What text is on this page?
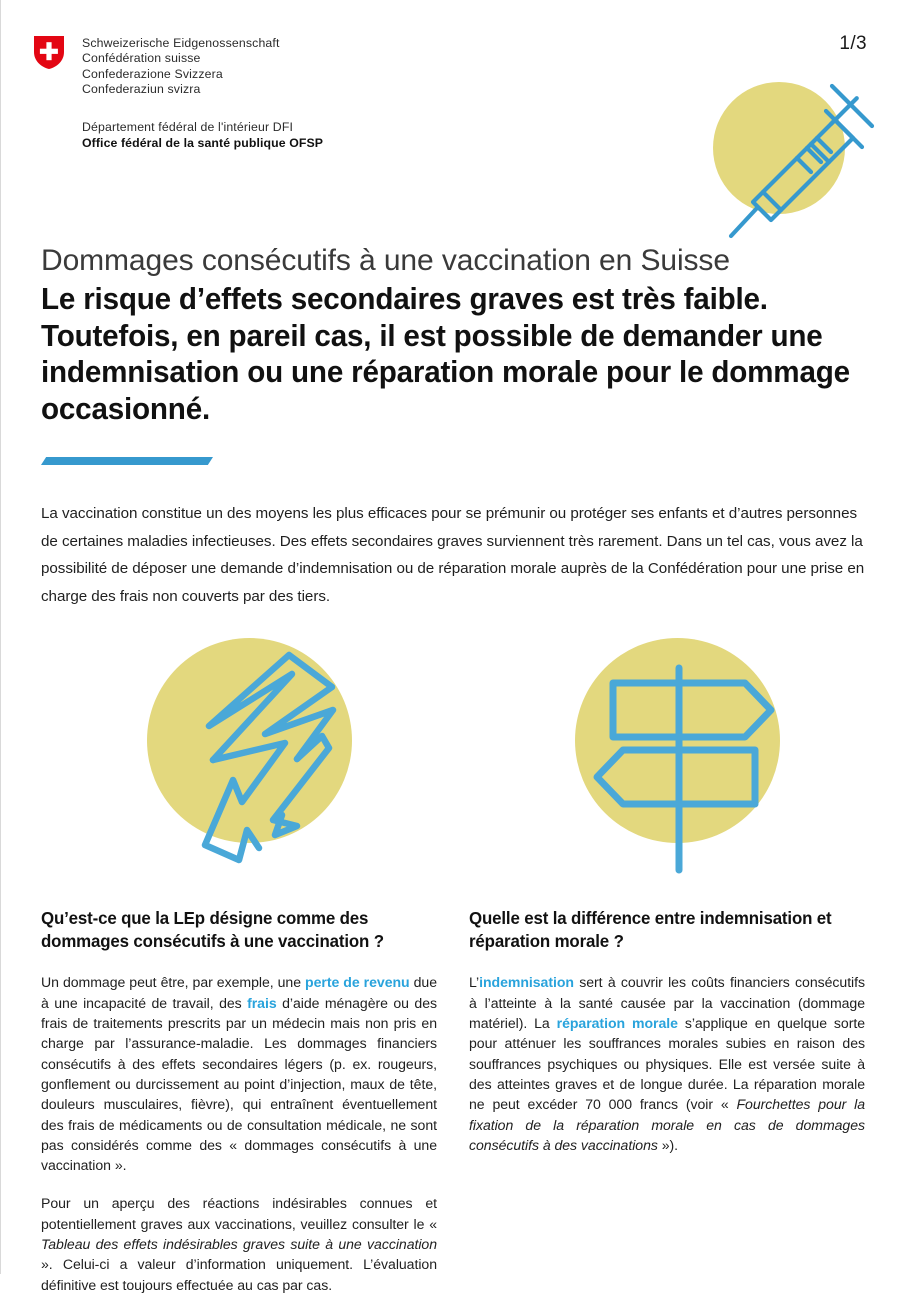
Schweizerische Eidgenossenschaft
Confédération suisse
Confederazione Svizzera
Confederaziun svizra
Département fédéral de l'intérieur DFI
Office fédéral de la santé publique OFSP
1/3
Dommages consécutifs à une vaccination en Suisse
Le risque d’effets secondaires graves est très faible. Toutefois, en pareil cas, il est possible de demander une indemnisation ou une réparation morale pour le dommage occasionné.

La vaccination constitue un des moyens les plus efficaces pour se prémunir ou protéger ses enfants et d’autres personnes de certaines maladies infectieuses. Des effets secondaires graves surviennent très rarement. Dans un tel cas, vous avez la possibilité de déposer une demande d’indemnisation ou de réparation morale auprès de la Confédération pour une prise en charge des frais non couverts par des tiers.

Qu’est-ce que la LEp désigne comme des dommages consécutifs à une vaccination ?

Un dommage peut être, par exemple, une perte de revenu due à une incapacité de travail, des frais d’aide ménagère ou des frais de traitements prescrits par un médecin mais non pris en charge par l’assurance-maladie. Les dommages financiers consécutifs à des effets secondaires légers (p. ex. rougeurs, gonflement ou durcissement au point d’injection, maux de tête, douleurs musculaires, fièvre), qui entraînent éventuellement des frais de médicaments ou de consultation médicale, ne sont pas considérés comme des « dommages consécutifs à une vaccination ».

Pour un aperçu des réactions indésirables connues et potentiellement graves aux vaccinations, veuillez consulter le « Tableau des effets indésirables graves suite à une vaccination ». Celui-ci a valeur d’information uniquement. L’évaluation définitive est toujours effectuée au cas par cas.

Quelle est la différence entre indemnisation et réparation morale ?

L’indemnisation sert à couvrir les coûts financiers consécutifs à l’atteinte à la santé causée par la vaccination (dommage matériel). La réparation morale s’applique en quelque sorte pour atténuer les souffrances morales subies en raison des souffrances psychiques ou physiques. Elle est versée suite à des atteintes graves et de longue durée. La réparation morale ne peut excéder 70 000 francs (voir « Fourchettes pour la fixation de la réparation morale en cas de dommages consécutifs à des vaccinations »).
